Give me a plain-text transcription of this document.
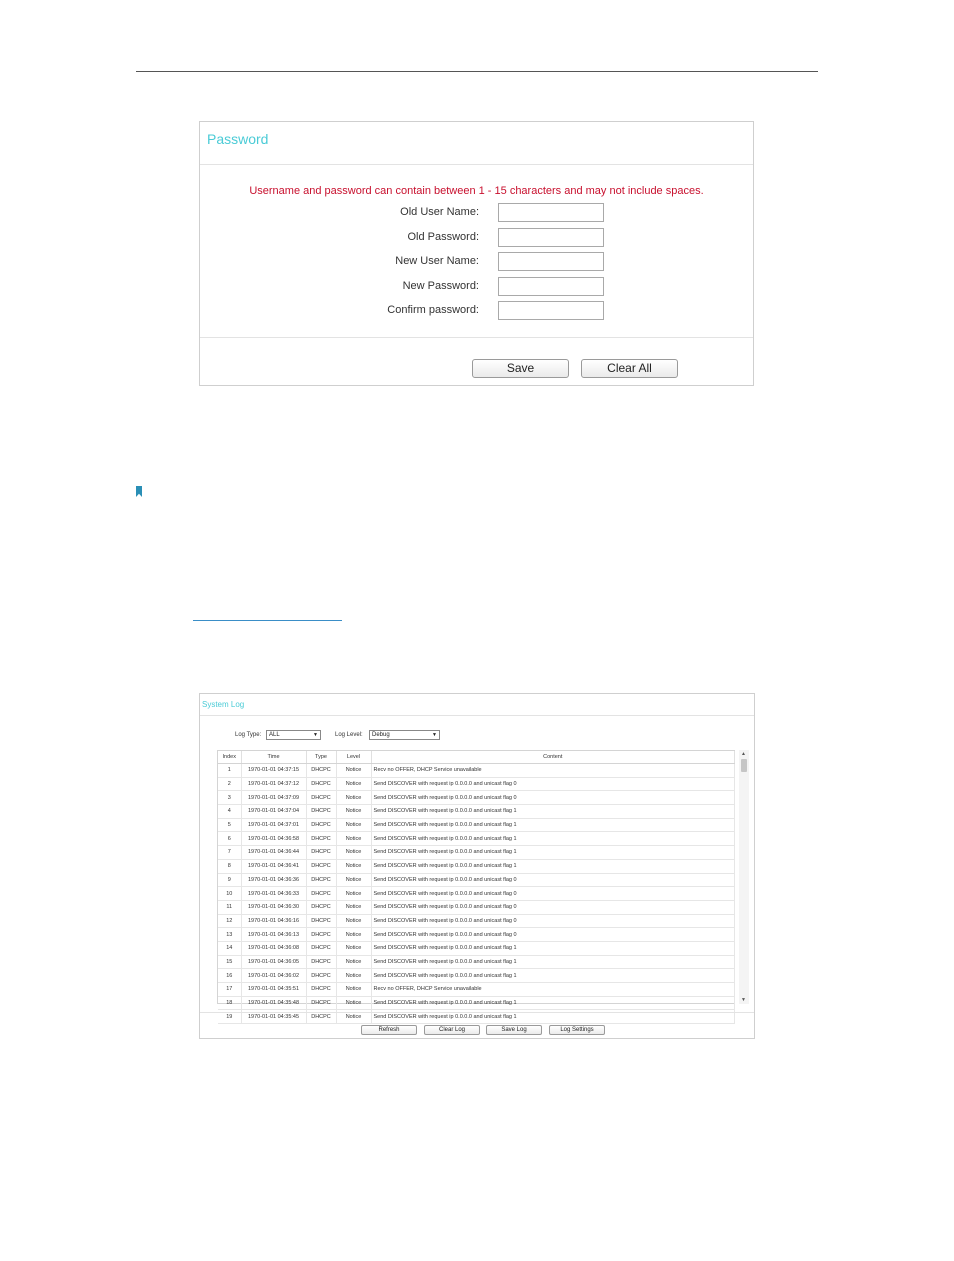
Password
Username and password can contain between 1 - 15 characters and may not include spaces.
Old User Name:
Old Password:
New User Name:
New Password:
Confirm password:
Save	Clear All
System Log
Log Type:	ALL	▼	Log Level:	Debug	▼
Index	Time	Type	Level	Content
1	1970-01-01 04:37:15	DHCPC	Notice	Recv no OFFER, DHCP Service unavailable
2	1970-01-01 04:37:12	DHCPC	Notice	Send DISCOVER with request ip 0.0.0.0 and unicast flag 0
3	1970-01-01 04:37:09	DHCPC	Notice	Send DISCOVER with request ip 0.0.0.0 and unicast flag 0
4	1970-01-01 04:37:04	DHCPC	Notice	Send DISCOVER with request ip 0.0.0.0 and unicast flag 1
5	1970-01-01 04:37:01	DHCPC	Notice	Send DISCOVER with request ip 0.0.0.0 and unicast flag 1
6	1970-01-01 04:36:58	DHCPC	Notice	Send DISCOVER with request ip 0.0.0.0 and unicast flag 1
7	1970-01-01 04:36:44	DHCPC	Notice	Send DISCOVER with request ip 0.0.0.0 and unicast flag 1
8	1970-01-01 04:36:41	DHCPC	Notice	Send DISCOVER with request ip 0.0.0.0 and unicast flag 1
9	1970-01-01 04:36:36	DHCPC	Notice	Send DISCOVER with request ip 0.0.0.0 and unicast flag 0
10	1970-01-01 04:36:33	DHCPC	Notice	Send DISCOVER with request ip 0.0.0.0 and unicast flag 0
11	1970-01-01 04:36:30	DHCPC	Notice	Send DISCOVER with request ip 0.0.0.0 and unicast flag 0
12	1970-01-01 04:36:16	DHCPC	Notice	Send DISCOVER with request ip 0.0.0.0 and unicast flag 0
13	1970-01-01 04:36:13	DHCPC	Notice	Send DISCOVER with request ip 0.0.0.0 and unicast flag 0
14	1970-01-01 04:36:08	DHCPC	Notice	Send DISCOVER with request ip 0.0.0.0 and unicast flag 1
15	1970-01-01 04:36:05	DHCPC	Notice	Send DISCOVER with request ip 0.0.0.0 and unicast flag 1
16	1970-01-01 04:36:02	DHCPC	Notice	Send DISCOVER with request ip 0.0.0.0 and unicast flag 1
17	1970-01-01 04:35:51	DHCPC	Notice	Recv no OFFER, DHCP Service unavailable
18	1970-01-01 04:35:48	DHCPC	Notice	Send DISCOVER with request ip 0.0.0.0 and unicast flag 1
19	1970-01-01 04:35:45	DHCPC	Notice	Send DISCOVER with request ip 0.0.0.0 and unicast flag 1
▲
▼
Refresh	Clear Log	Save Log	Log Settings
